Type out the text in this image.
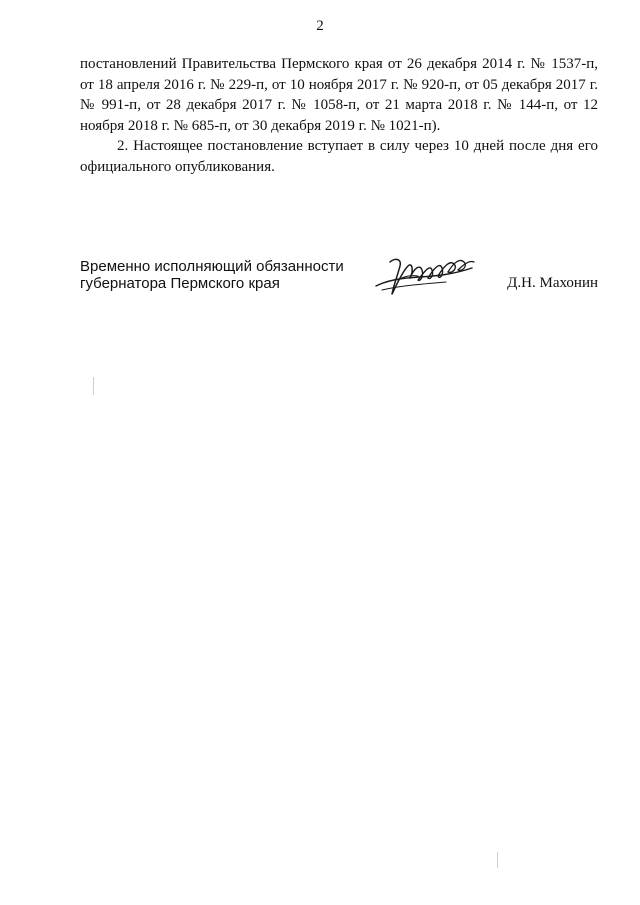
2

постановлений Правительства Пермского края от 26 декабря 2014 г. № 1537-п, от 18 апреля 2016 г. № 229-п, от 10 ноября 2017 г. № 920-п, от 05 декабря 2017 г. № 991-п, от 28 декабря 2017 г. № 1058-п, от 21 марта 2018 г. № 144-п, от 12 ноября 2018 г. № 685-п, от 30 декабря 2019 г. № 1021-п).

2. Настоящее постановление вступает в силу через 10 дней после дня его официального опубликования.

Временно исполняющий обязанности
губернатора Пермского края	Д.Н. Махонин
